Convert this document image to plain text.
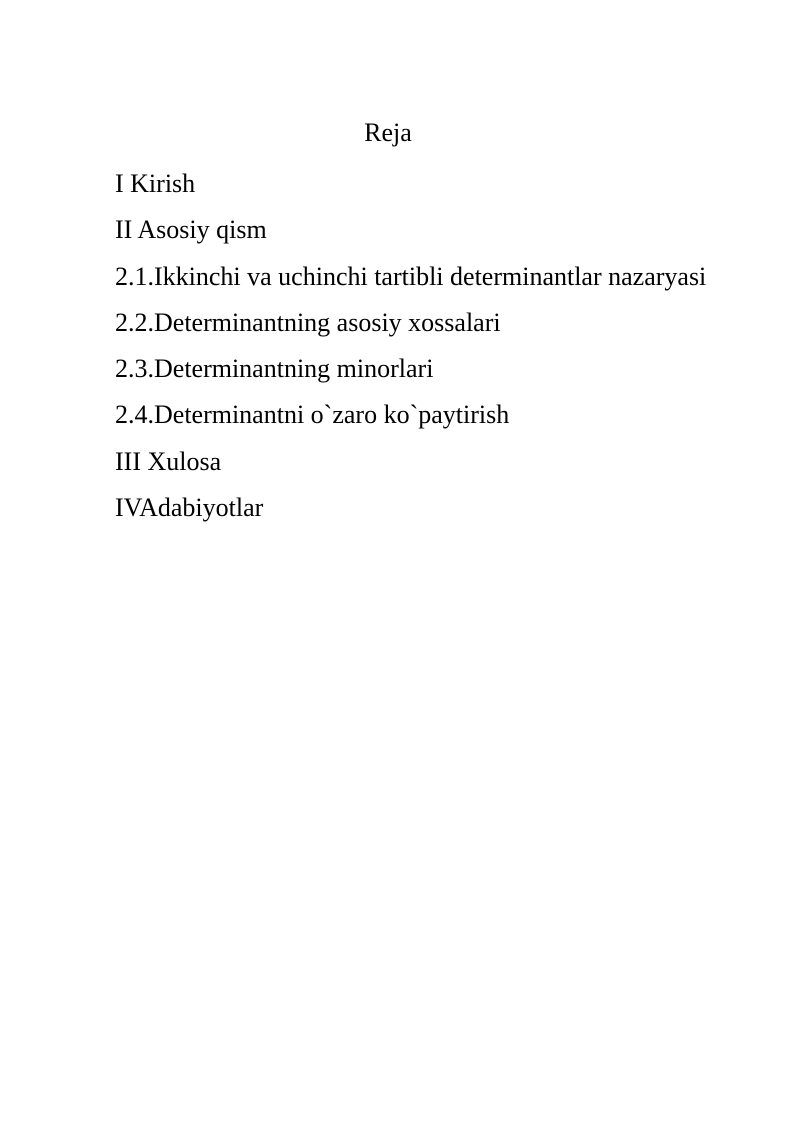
Reja
I Kirish
II Asosiy qism
2.1.Ikkinchi va uchinchi tartibli determinantlar nazaryasi
2.2.Determinantning asosiy xossalari
2.3.Determinantning minorlari
2.4.Determinantni o`zaro ko`paytirish
III Xulosa
IVAdabiyotlar
